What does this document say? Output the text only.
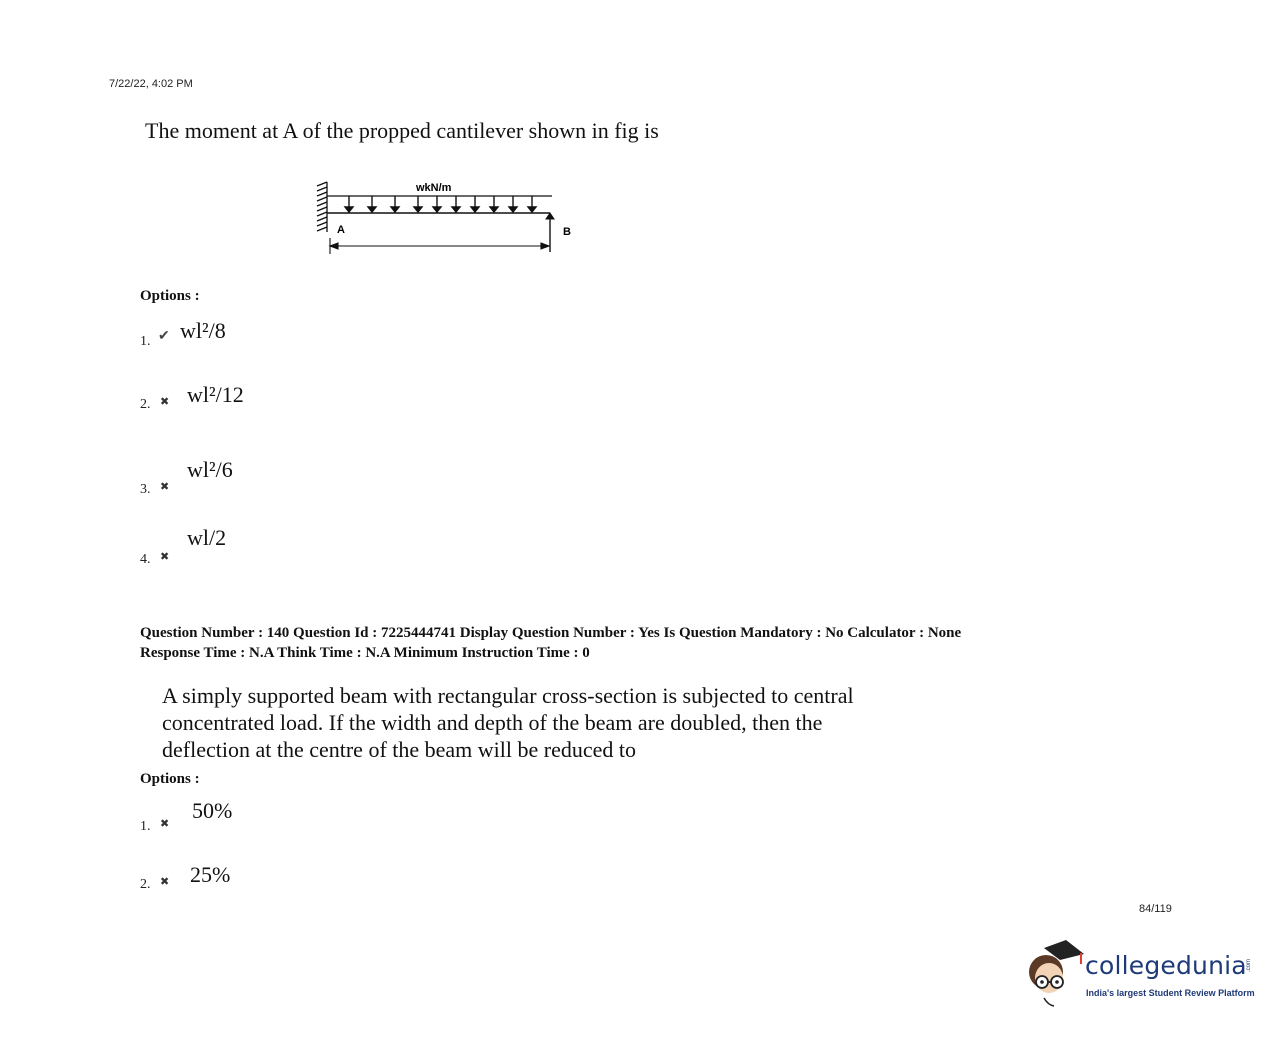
7/22/22, 4:02 PM
The moment at A of the propped cantilever shown in fig is
wkN/m
A	B
Options :
1. ✔ wl²/8
2. ✖ wl²/12
3. ✖
wl²/6
4. ✖
wl/2
Question Number : 140 Question Id : 7225444741 Display Question Number : Yes Is Question Mandatory : No Calculator : None
Response Time : N.A Think Time : N.A Minimum Instruction Time : 0
A simply supported beam with rectangular cross-section is subjected to central
concentrated load. If the width and depth of the beam are doubled, then the
deflection at the centre of the beam will be reduced to
Options :
1. ✖
50%
2. ✖ 25%
84/119
.com
collegedunia
India's largest Student Review Platform
